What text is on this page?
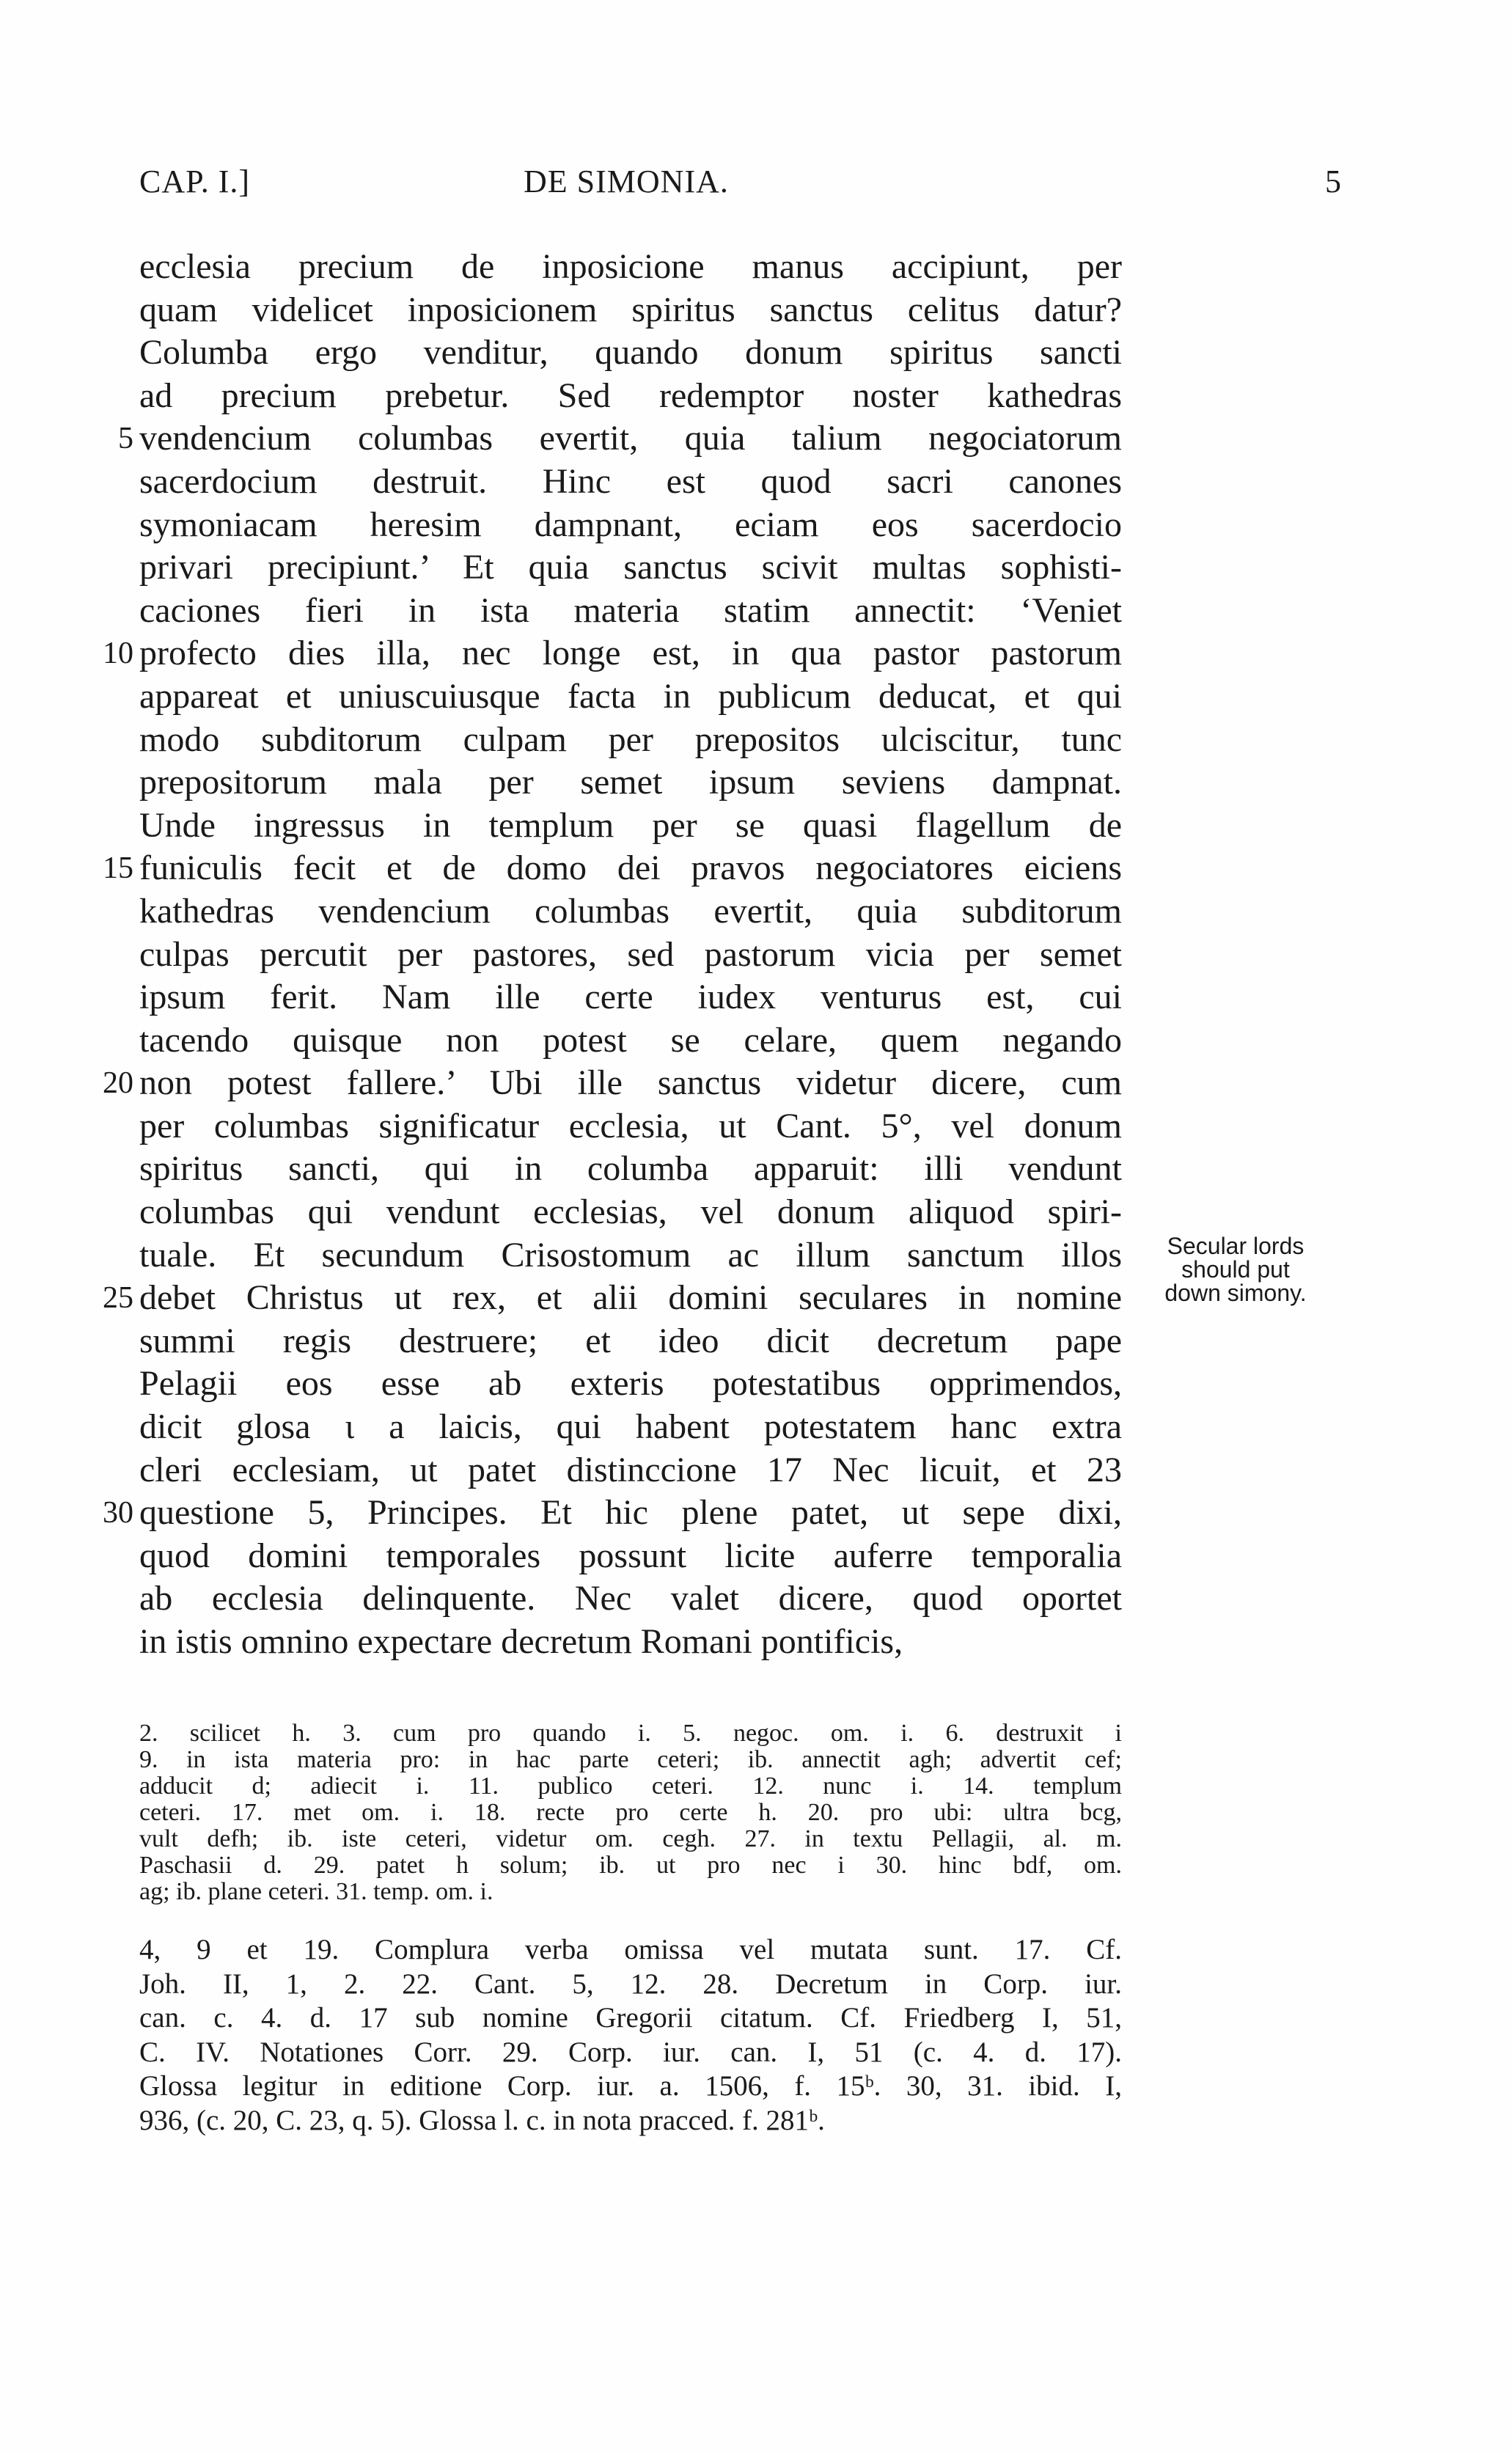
CAP. I.]	DE SIMONIA.	5
ecclesia precium de inposicione manus accipiunt, per
quam videlicet inposicionem spiritus sanctus celitus datur?
Columba ergo venditur, quando donum spiritus sancti
ad precium prebetur. Sed redemptor noster kathedras
5 vendencium columbas evertit, quia talium negociatorum
sacerdocium destruit. Hinc est quod sacri canones
symoniacam heresim dampnant, eciam eos sacerdocio
privari precipiunt.’ Et quia sanctus scivit multas sophisti-
caciones fieri in ista materia statim annectit: ‘Veniet
10 profecto dies illa, nec longe est, in qua pastor pastorum
appareat et uniuscuiusque facta in publicum deducat, et qui
modo subditorum culpam per prepositos ulciscitur, tunc
prepositorum mala per semet ipsum seviens dampnat.
Unde ingressus in templum per se quasi flagellum de
15 funiculis fecit et de domo dei pravos negociatores eiciens
kathedras vendencium columbas evertit, quia subditorum
culpas percutit per pastores, sed pastorum vicia per semet
ipsum ferit. Nam ille certe iudex venturus est, cui
tacendo quisque non potest se celare, quem negando
20 non potest fallere.’ Ubi ille sanctus videtur dicere, cum
per columbas significatur ecclesia, ut Cant. 5°, vel donum
spiritus sancti, qui in columba apparuit: illi vendunt
columbas qui vendunt ecclesias, vel donum aliquod spiri-
tuale. Et secundum Crisostomum ac illum sanctum illos
25 debet Christus ut rex, et alii domini seculares in nomine
summi regis destruere; et ideo dicit decretum pape
Pelagii eos esse ab exteris potestatibus opprimendos,
dicit glosa ι a laicis, qui habent potestatem hanc extra
cleri ecclesiam, ut patet distinccione 17 Nec licuit, et 23
30 questione 5, Principes. Et hic plene patet, ut sepe dixi,
quod domini temporales possunt licite auferre temporalia
ab ecclesia delinquente. Nec valet dicere, quod oportet
in istis omnino expectare decretum Romani pontificis,
Secular lords
should put
down simony.
2. scilicet h. 3. cum pro quando i. 5. negoc. om. i. 6. destruxit i
9. in ista materia pro: in hac parte ceteri; ib. annectit agh; advertit cef;
adducit d; adiecit i. 11. publico ceteri. 12. nunc i. 14. templum
ceteri. 17. met om. i. 18. recte pro certe h. 20. pro ubi: ultra bcg,
vult defh; ib. iste ceteri, videtur om. cegh. 27. in textu Pellagii, al. m.
Paschasii d. 29. patet h solum; ib. ut pro nec i 30. hinc bdf, om.
ag; ib. plane ceteri. 31. temp. om. i.
4, 9 et 19. Complura verba omissa vel mutata sunt. 17. Cf.
Joh. II, 1, 2. 22. Cant. 5, 12. 28. Decretum in Corp. iur.
can. c. 4. d. 17 sub nomine Gregorii citatum. Cf. Friedberg I, 51,
C. IV. Notationes Corr. 29. Corp. iur. can. I, 51 (c. 4. d. 17).
Glossa legitur in editione Corp. iur. a. 1506, f. 15ᵇ. 30, 31. ibid. I,
936, (c. 20, C. 23, q. 5). Glossa l. c. in nota pracced. f. 281ᵇ.
